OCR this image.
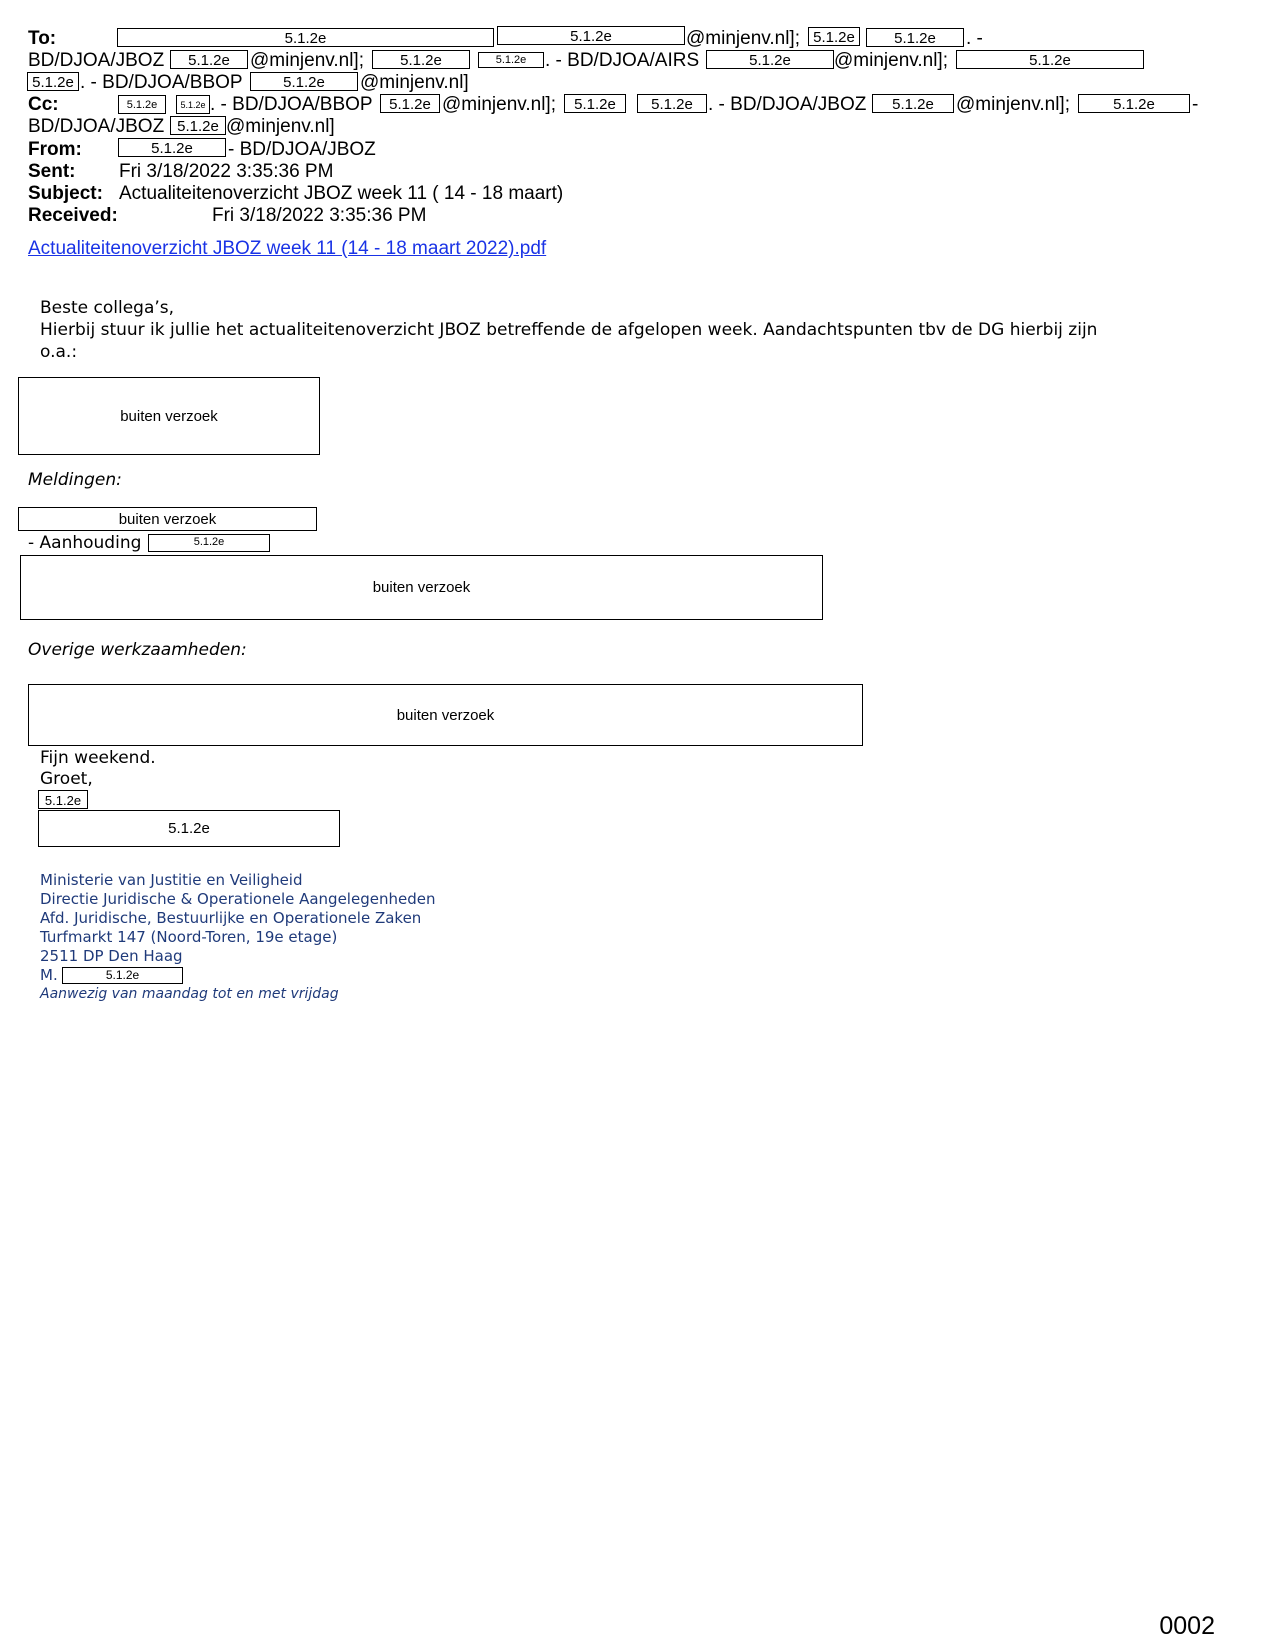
To:	5.1.2e	5.1.2e	@minjenv.nl]; 5.1.2e	5.1.2e	. -
BD/DJOA/JBOZ	5.1.2e	@minjenv.nl];	5.1.2e	5.1.2e . - BD/DJOA/AIRS	5.1.2e	@minjenv.nl];	5.1.2e
5.1.2e . - BD/DJOA/BBOP	5.1.2e	@minjenv.nl]
Cc:	5.1.2e	5.1.2e . - BD/DJOA/BBOP	5.1.2e @minjenv.nl];	5.1.2e	5.1.2e . - BD/DJOA/JBOZ	5.1.2e	@minjenv.nl];	5.1.2e	-
BD/DJOA/JBOZ 5.1.2e @minjenv.nl]
From:	5.1.2e	- BD/DJOA/JBOZ
Sent: Fri 3/18/2022 3:35:36 PM
Subject: Actualiteitenoverzicht JBOZ week 11 ( 14 - 18 maart)
Received:	Fri 3/18/2022 3:35:36 PM
Actualiteitenoverzicht JBOZ week 11 (14 - 18 maart 2022).pdf
Beste collega’s,
Hierbij stuur ik jullie het actualiteitenoverzicht JBOZ betreffende de afgelopen week. Aandachtspunten tbv de DG hierbij zijn
o.a.:
buiten verzoek
Meldingen:
buiten verzoek
- Aanhouding	5.1.2e
buiten verzoek
Overige werkzaamheden:
buiten verzoek
Fijn weekend.
Groet,
5.1.2e
5.1.2e
Ministerie van Justitie en Veiligheid
Directie Juridische & Operationele Aangelegenheden
Afd. Juridische, Bestuurlijke en Operationele Zaken
Turfmarkt 147 (Noord-Toren, 19e etage)
2511 DP Den Haag
M.	5.1.2e
Aanwezig van maandag tot en met vrijdag
0002
